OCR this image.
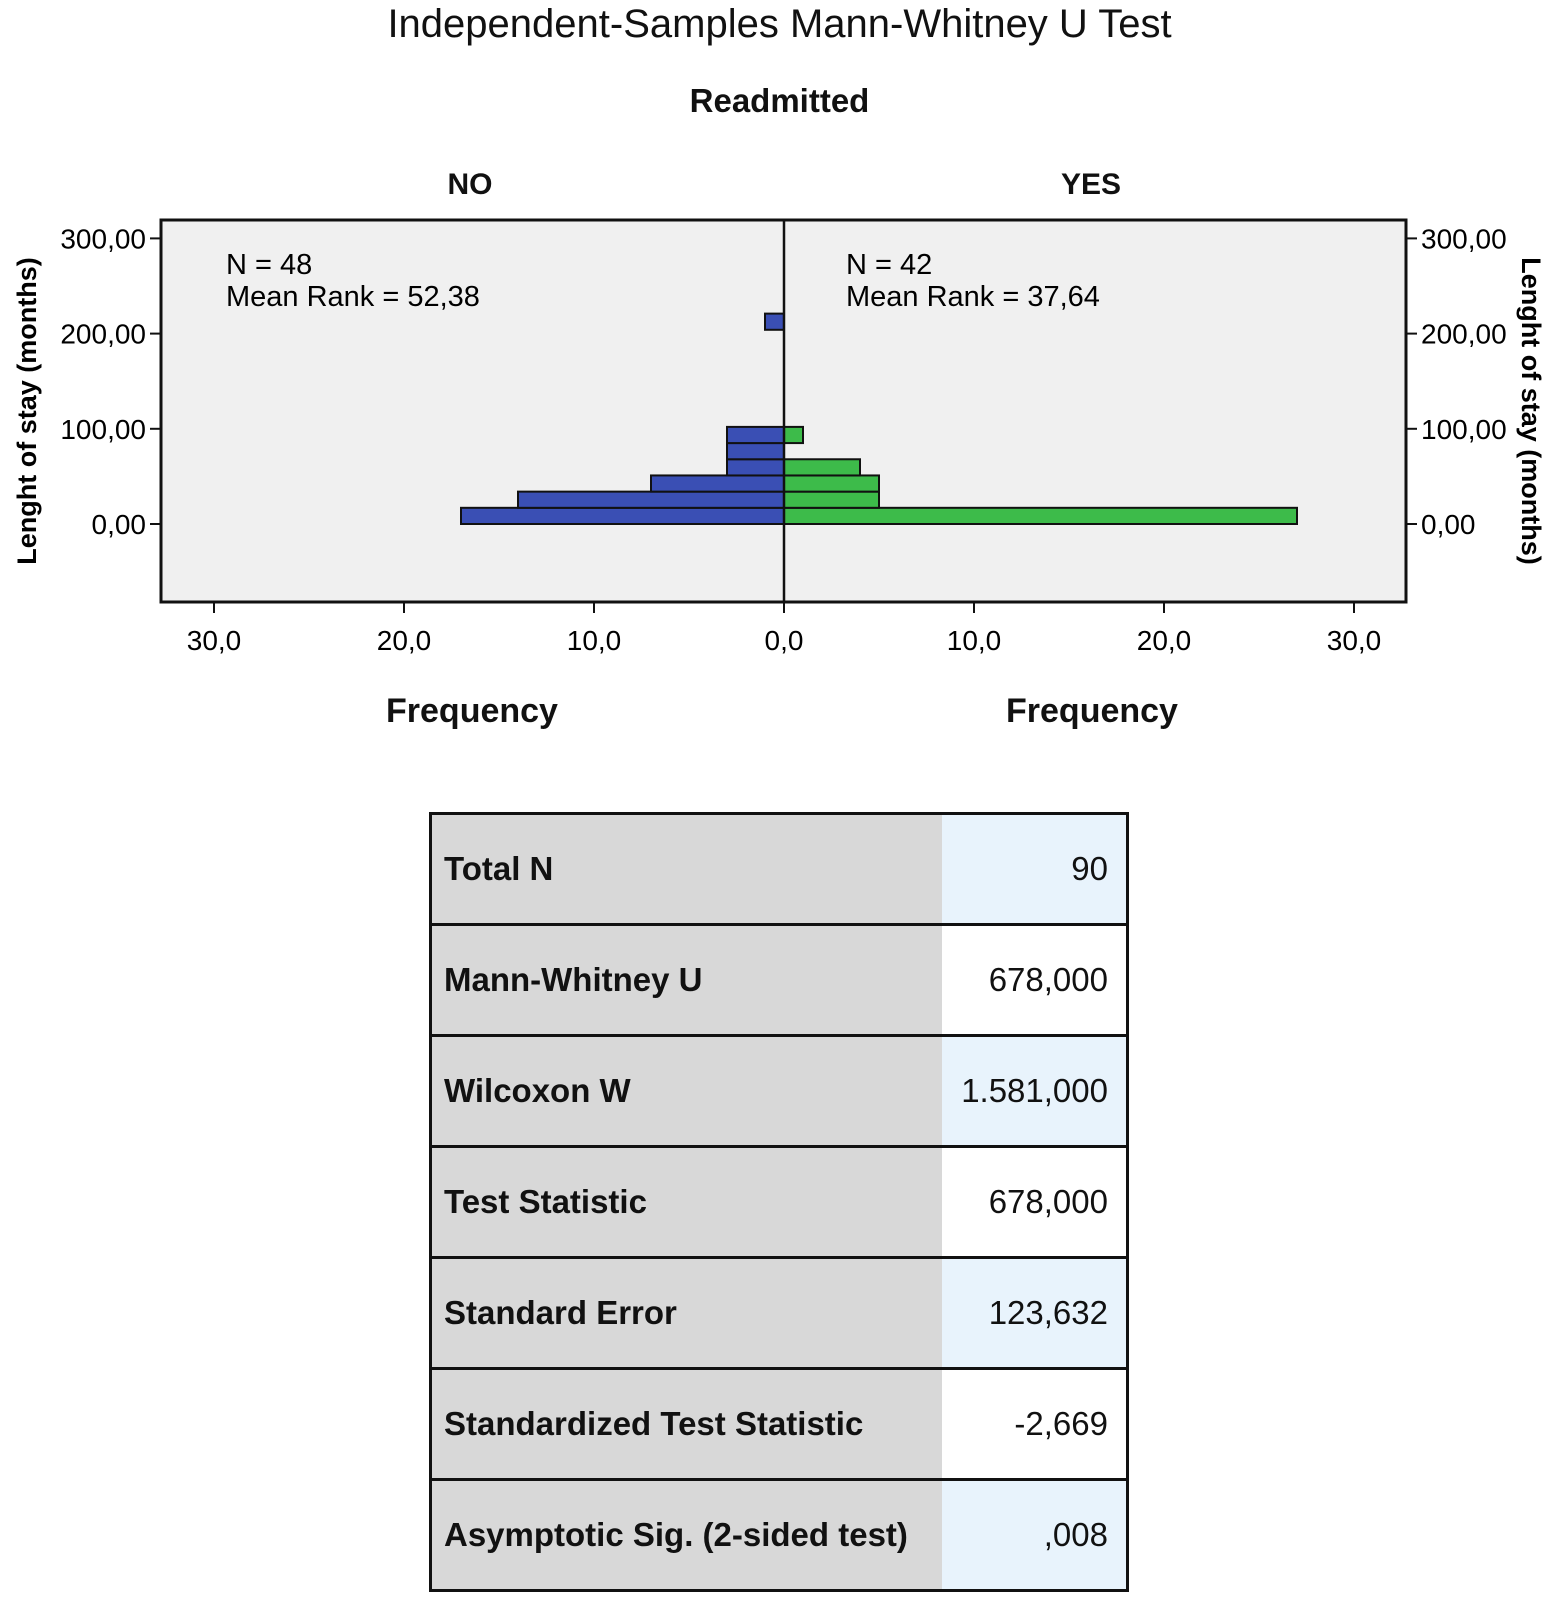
Independent-Samples Mann-Whitney U Test
Readmitted
NO	YES
300,00
200,00
100,00
0,00
300,00
200,00
100,00
0,00
30,0	20,0	10,0	0,0	10,0	20,0	30,0
N = 48
Mean Rank = 52,38
N = 42
Mean Rank = 37,64
Lenght of stay (months)	Lenght of stay (months)
Frequency	Frequency
Total N	90
Mann-Whitney U	678,000
Wilcoxon W	1.581,000
Test Statistic	678,000
Standard Error	123,632
Standardized Test Statistic	-2,669
Asymptotic Sig. (2-sided test)	,008
